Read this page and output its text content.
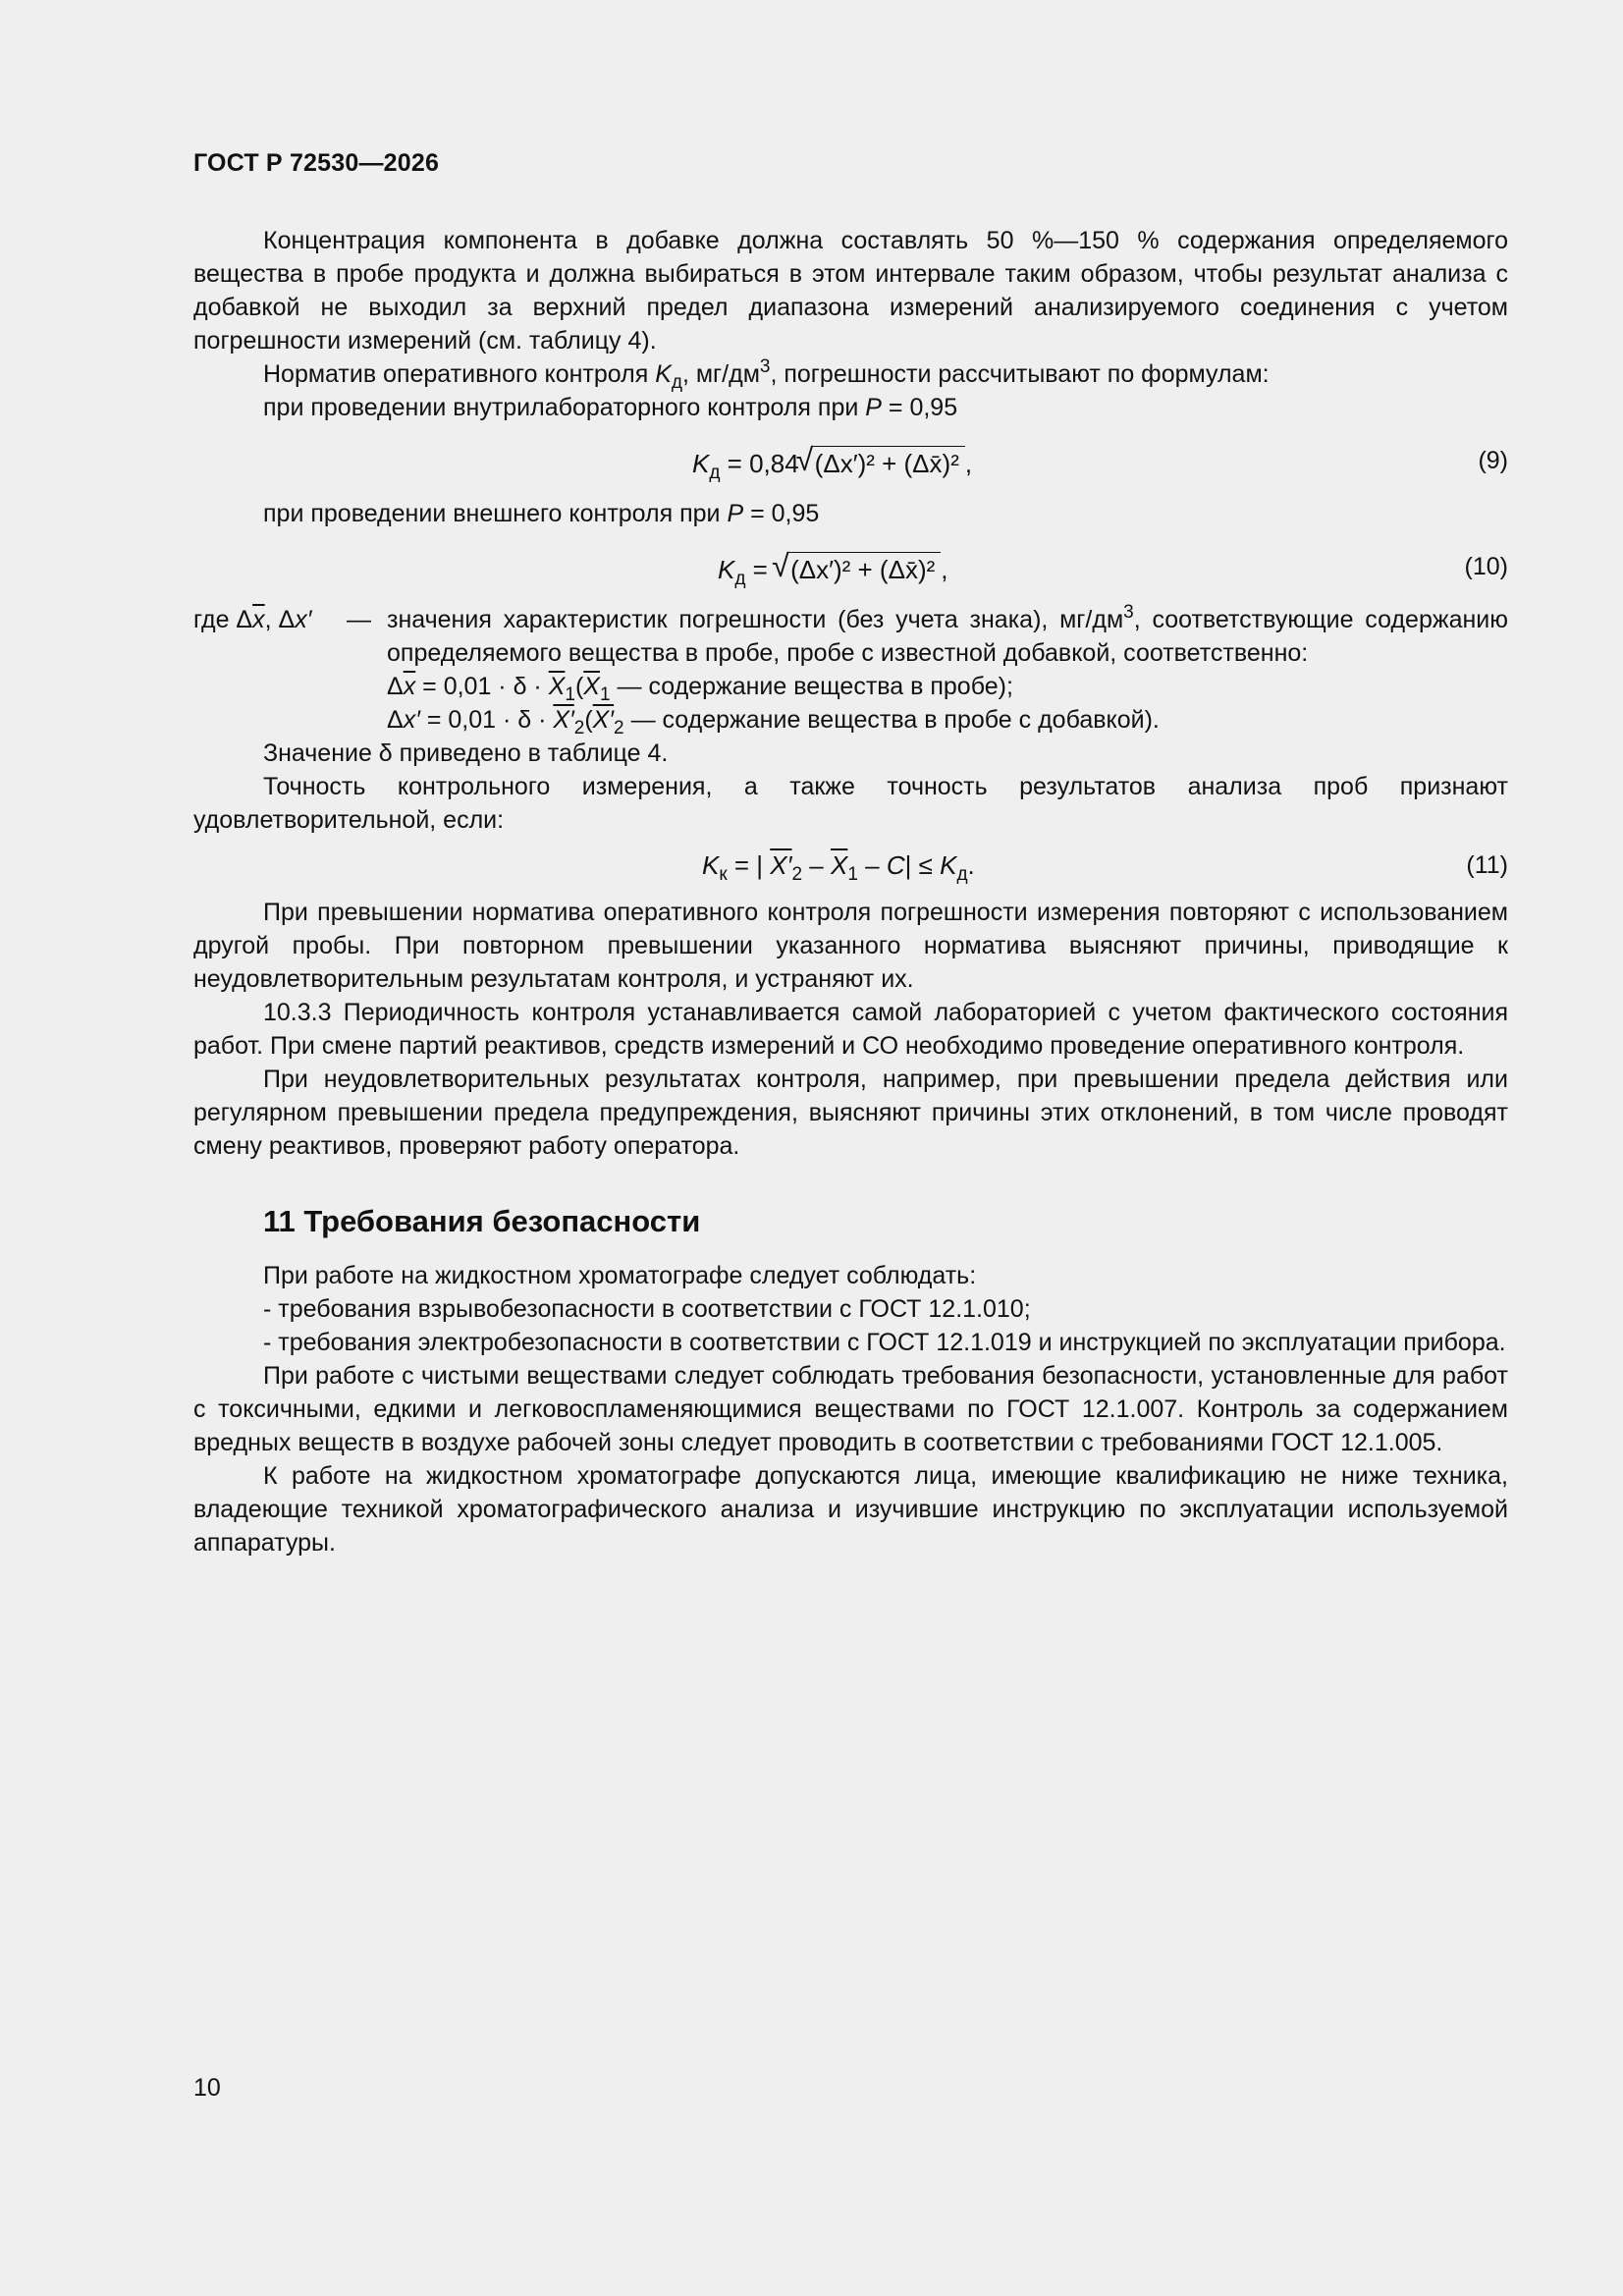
ГОСТ Р 72530—2026

Концентрация компонента в добавке должна составлять 50 %—150 % содержания определяемого вещества в пробе продукта и должна выбираться в этом интервале таким образом, чтобы результат анализа с добавкой не выходил за верхний предел диапазона измерений анализируемого соединения с учетом погрешности измерений (см. таблицу 4).

Норматив оперативного контроля $K_д$, $мг/дм^3$, погрешности рассчитывают по формулам:

при проведении внутрилабораторного контроля при P = 0,95

$K_д = 0,84$ √ (Δx′)² + (Δx̄)² ,	(9)

при проведении внешнего контроля при P = 0,95

$K_д$ = √ (Δx′)² + (Δx̄)² ,	(10)
где $\Delta\overline{x}$, Δx′ — значения характеристик погрешности (без учета знака), $мг/дм^3$, соответствующие содержанию определяемого вещества в пробе, пробе с известной добавкой, соответственно:
$\Delta\overline{x} = 0,01 \cdot \delta \cdot \overline{X}_1(\overline{X}_1$ — содержание вещества в пробе);
$\Delta x' = 0,01 \cdot \delta \cdot X'_2(X'_2$ — содержание вещества в пробе с добавкой).

Значение δ приведено в таблице 4.

Точность контрольного измерения, а также точность результатов анализа проб признают удовлетворительной, если:

$K_к$ = | $X'_2 - \overline{X}_1 - C| \le K_д$.	(11)

При превышении норматива оперативного контроля погрешности измерения повторяют с использованием другой пробы. При повторном превышении указанного норматива выясняют причины, приводящие к неудовлетворительным результатам контроля, и устраняют их.

10.3.3 Периодичность контроля устанавливается самой лабораторией с учетом фактического состояния работ. При смене партий реактивов, средств измерений и СО необходимо проведение оперативного контроля.

При неудовлетворительных результатах контроля, например, при превышении предела действия или регулярном превышении предела предупреждения, выясняют причины этих отклонений, в том числе проводят смену реактивов, проверяют работу оператора.

11 Требования безопасности

При работе на жидкостном хроматографе следует соблюдать:

- требования взрывобезопасности в соответствии с ГОСТ 12.1.010;

- требования электробезопасности в соответствии с ГОСТ 12.1.019 и инструкцией по эксплуатации прибора.

При работе с чистыми веществами следует соблюдать требования безопасности, установленные для работ с токсичными, едкими и легковоспламеняющимися веществами по ГОСТ 12.1.007. Контроль за содержанием вредных веществ в воздухе рабочей зоны следует проводить в соответствии с требованиями ГОСТ 12.1.005.

К работе на жидкостном хроматографе допускаются лица, имеющие квалификацию не ниже техника, владеющие техникой хроматографического анализа и изучившие инструкцию по эксплуатации используемой аппаратуры.

10
